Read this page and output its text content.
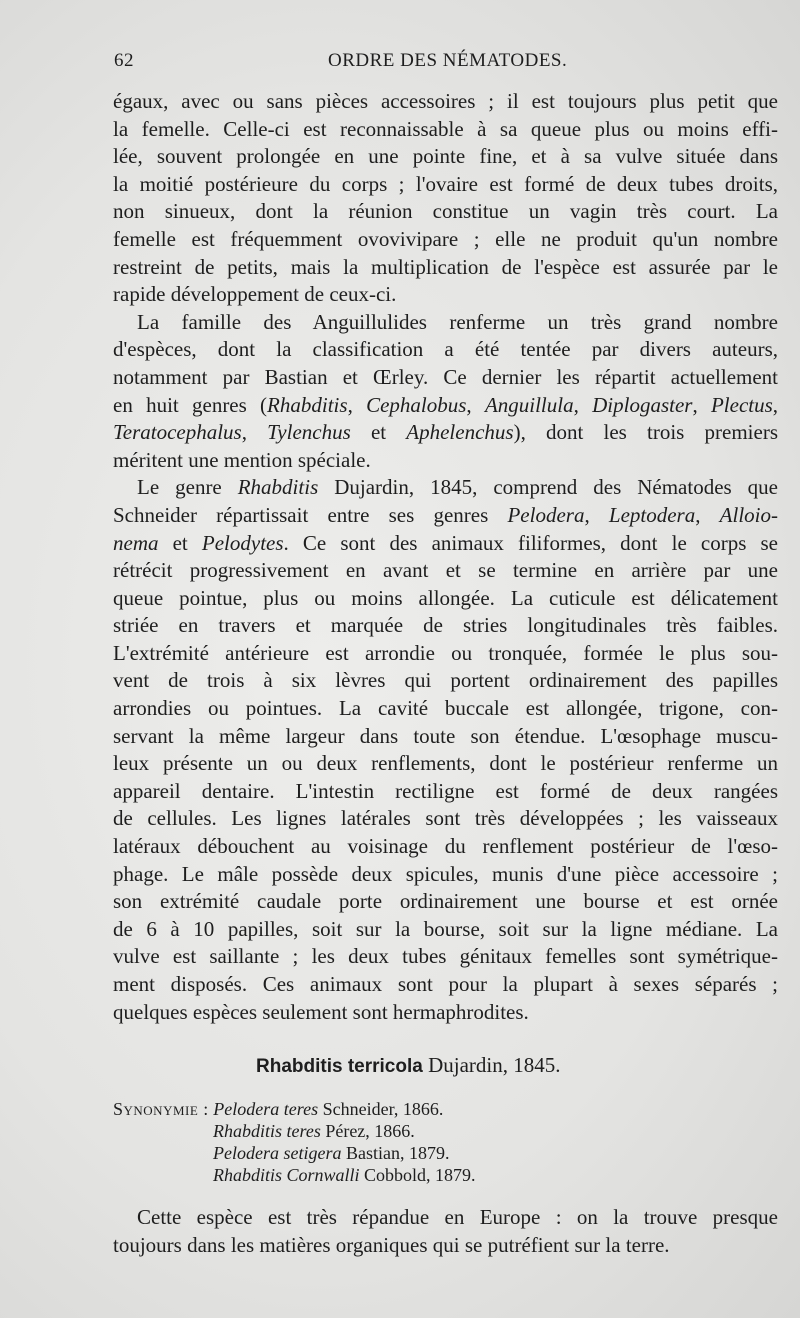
62	ORDRE DES NÉMATODES.
égaux, avec ou sans pièces accessoires ; il est toujours plus petit que
la femelle. Celle-ci est reconnaissable à sa queue plus ou moins effi-
lée, souvent prolongée en une pointe fine, et à sa vulve située dans
la moitié postérieure du corps ; l'ovaire est formé de deux tubes droits,
non sinueux, dont la réunion constitue un vagin très court. La
femelle est fréquemment ovovivipare ; elle ne produit qu'un nombre
restreint de petits, mais la multiplication de l'espèce est assurée par le
rapide développement de ceux-ci.
La famille des Anguillulides renferme un très grand nombre
d'espèces, dont la classification a été tentée par divers auteurs,
notamment par Bastian et Œrley. Ce dernier les répartit actuellement
en huit genres (Rhabditis, Cephalobus, Anguillula, Diplogaster, Plectus,
Teratocephalus, Tylenchus et Aphelenchus), dont les trois premiers
méritent une mention spéciale.
Le genre Rhabditis Dujardin, 1845, comprend des Nématodes que
Schneider répartissait entre ses genres Pelodera, Leptodera, Alloio-
nema et Pelodytes. Ce sont des animaux filiformes, dont le corps se
rétrécit progressivement en avant et se termine en arrière par une
queue pointue, plus ou moins allongée. La cuticule est délicatement
striée en travers et marquée de stries longitudinales très faibles.
L'extrémité antérieure est arrondie ou tronquée, formée le plus sou-
vent de trois à six lèvres qui portent ordinairement des papilles
arrondies ou pointues. La cavité buccale est allongée, trigone, con-
servant la même largeur dans toute son étendue. L'œsophage muscu-
leux présente un ou deux renflements, dont le postérieur renferme un
appareil dentaire. L'intestin rectiligne est formé de deux rangées
de cellules. Les lignes latérales sont très développées ; les vaisseaux
latéraux débouchent au voisinage du renflement postérieur de l'œso-
phage. Le mâle possède deux spicules, munis d'une pièce accessoire ;
son extrémité caudale porte ordinairement une bourse et est ornée
de 6 à 10 papilles, soit sur la bourse, soit sur la ligne médiane. La
vulve est saillante ; les deux tubes génitaux femelles sont symétrique-
ment disposés. Ces animaux sont pour la plupart à sexes séparés ;
quelques espèces seulement sont hermaphrodites.
Rhabditis terricola Dujardin, 1845.
Synonymie : Pelodera teres Schneider, 1866.
Rhabditis teres Pérez, 1866.
Pelodera setigera Bastian, 1879.
Rhabditis Cornwalli Cobbold, 1879.
Cette espèce est très répandue en Europe : on la trouve presque
toujours dans les matières organiques qui se putréfient sur la terre.
